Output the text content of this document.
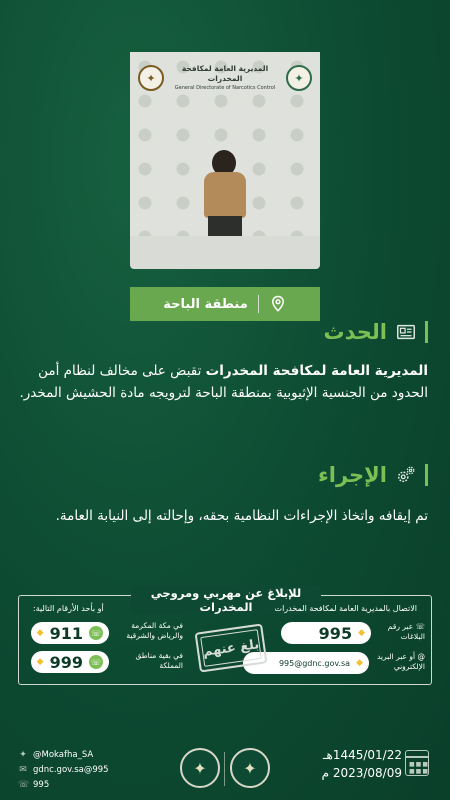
✦
المديرية العامة لمكافحة المخدرات
General Directorate of Narcotics Control
✦
منطقة الباحة
الحدث
المديرية العامة لمكافحة المخدرات تقبض على مخالف لنظام أمن الحدود من الجنسية الإثيوبية بمنطقة الباحة لترويجه مادة الحشيش المخدر.
الإجراء
تم إيقافه واتخاذ الإجراءات النظامية بحقه، وإحالته إلى النيابة العامة.
للإبلاغ عن مهربي ومروجي المخدرات	الاتصال بالمديرية العامة لمكافحة المخدرات
أو بأحد الأرقام التالية:
◆
995	☏ عبر رقم البلاغات
◆
995@gdnc.gov.sa
@ أو عبر البريد الإلكتروني
بلغ عنهم
☏
911
◆
في مكة المكرمة والرياض والشرقية
☏
999
◆
في بقية مناطق المملكة
✦ @Mokafha_SA
✉ gdnc.gov.sa@995
☏ 995
✦	✦
1445/01/22هـ
2023/08/09 م
■■■
■■■
